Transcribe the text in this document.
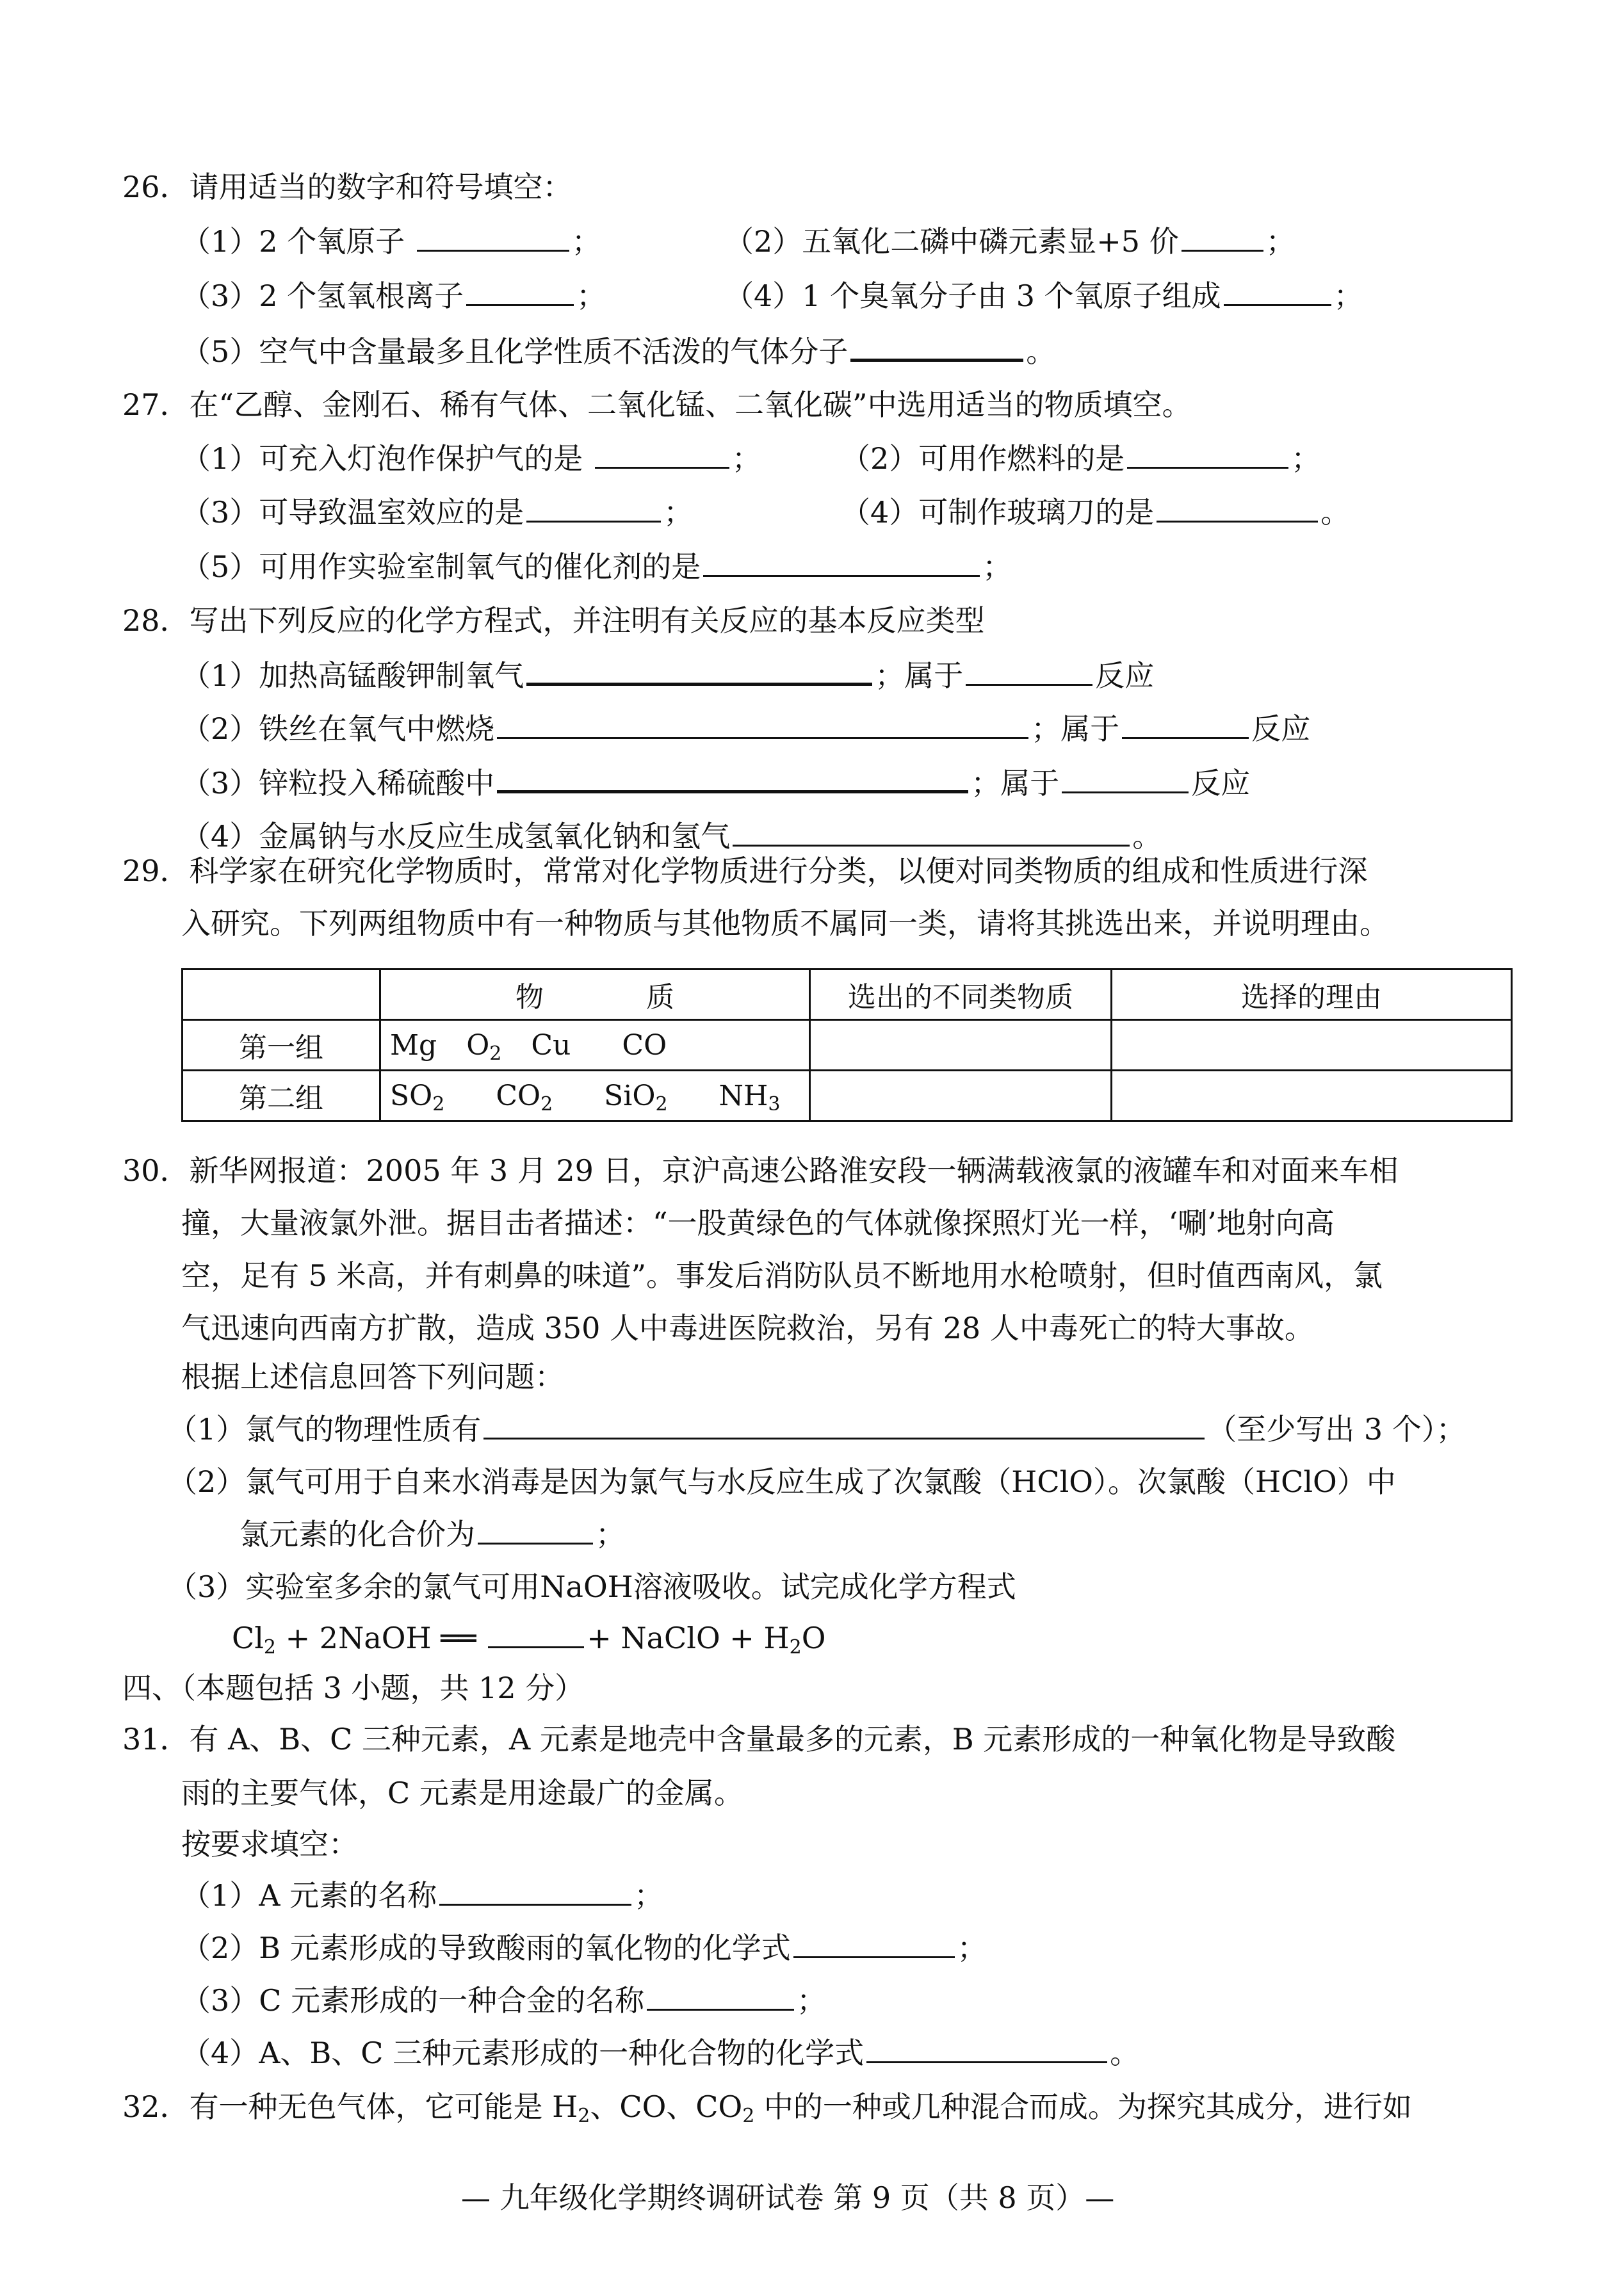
26．请用适当的数字和符号填空：
（1）2 个氧原子	；	（2）五氧化二磷中磷元素显+5 价	；
（3）2 个氢氧根离子	；	（4）1 个臭氧分子由 3 个氧原子组成	；
（5）空气中含量最多且化学性质不活泼的气体分子	。
27．在“乙醇、金刚石、稀有气体、二氧化锰、二氧化碳”中选用适当的物质填空。
（1）可充入灯泡作保护气的是	；	（2）可用作燃料的是	；
（3）可导致温室效应的是	；	（4）可制作玻璃刀的是	。
（5）可用作实验室制氧气的催化剂的是	；
28．写出下列反应的化学方程式，并注明有关反应的基本反应类型
（1）加热高锰酸钾制氧气	；属于	反应
（2）铁丝在氧气中燃烧	；属于	反应
（3）锌粒投入稀硫酸中	；属于	反应
（4）金属钠与水反应生成氢氧化钠和氢气	。
29．科学家在研究化学物质时，常常对化学物质进行分类，以便对同类物质的组成和性质进行深
入研究。下列两组物质中有一种物质与其他物质不属同一类，请将其挑选出来，并说明理由。
	物 质	选出的不同类物质	选择的理由
第一组	Mg $O_2$ Cu CO		
第二组	$SO_2$ $CO_2$ SiO$_2$ $NH_3$		
30．新华网报道：2005 年 3 月 29 日，京沪高速公路淮安段一辆满载液氯的液罐车和对面来车相
撞，大量液氯外泄。据目击者描述：“一股黄绿色的气体就像探照灯光一样，‘唰’地射向高
空，足有 5 米高，并有刺鼻的味道”。事发后消防队员不断地用水枪喷射，但时值西南风，氯
气迅速向西南方扩散，造成 350 人中毒进医院救治，另有 28 人中毒死亡的特大事故。
根据上述信息回答下列问题：
（1）氯气的物理性质有	（至少写出 3 个）；
（2）氯气可用于自来水消毒是因为氯气与水反应生成了次氯酸（HClO）。次氯酸（HClO）中
氯元素的化合价为	；
（3）实验室多余的氯气可用NaOH溶液吸收。试完成化学方程式
$Cl_2$ + 2NaOH ══	+ NaClO + $H_2O$
四、（本题包括 3 小题，共 12 分）
31．有 A、B、C 三种元素，A 元素是地壳中含量最多的元素，B 元素形成的一种氧化物是导致酸
雨的主要气体，C 元素是用途最广的金属。
按要求填空：
（1）A 元素的名称	；
（2）B 元素形成的导致酸雨的氧化物的化学式	；
（3）C 元素形成的一种合金的名称	；
（4）A、B、C 三种元素形成的一种化合物的化学式	。
32．有一种无色气体，它可能是 $H_2$、CO、$CO_2$ 中的一种或几种混合而成。为探究其成分，进行如
— 九年级化学期终调研试卷 第 9 页（共 8 页）—
